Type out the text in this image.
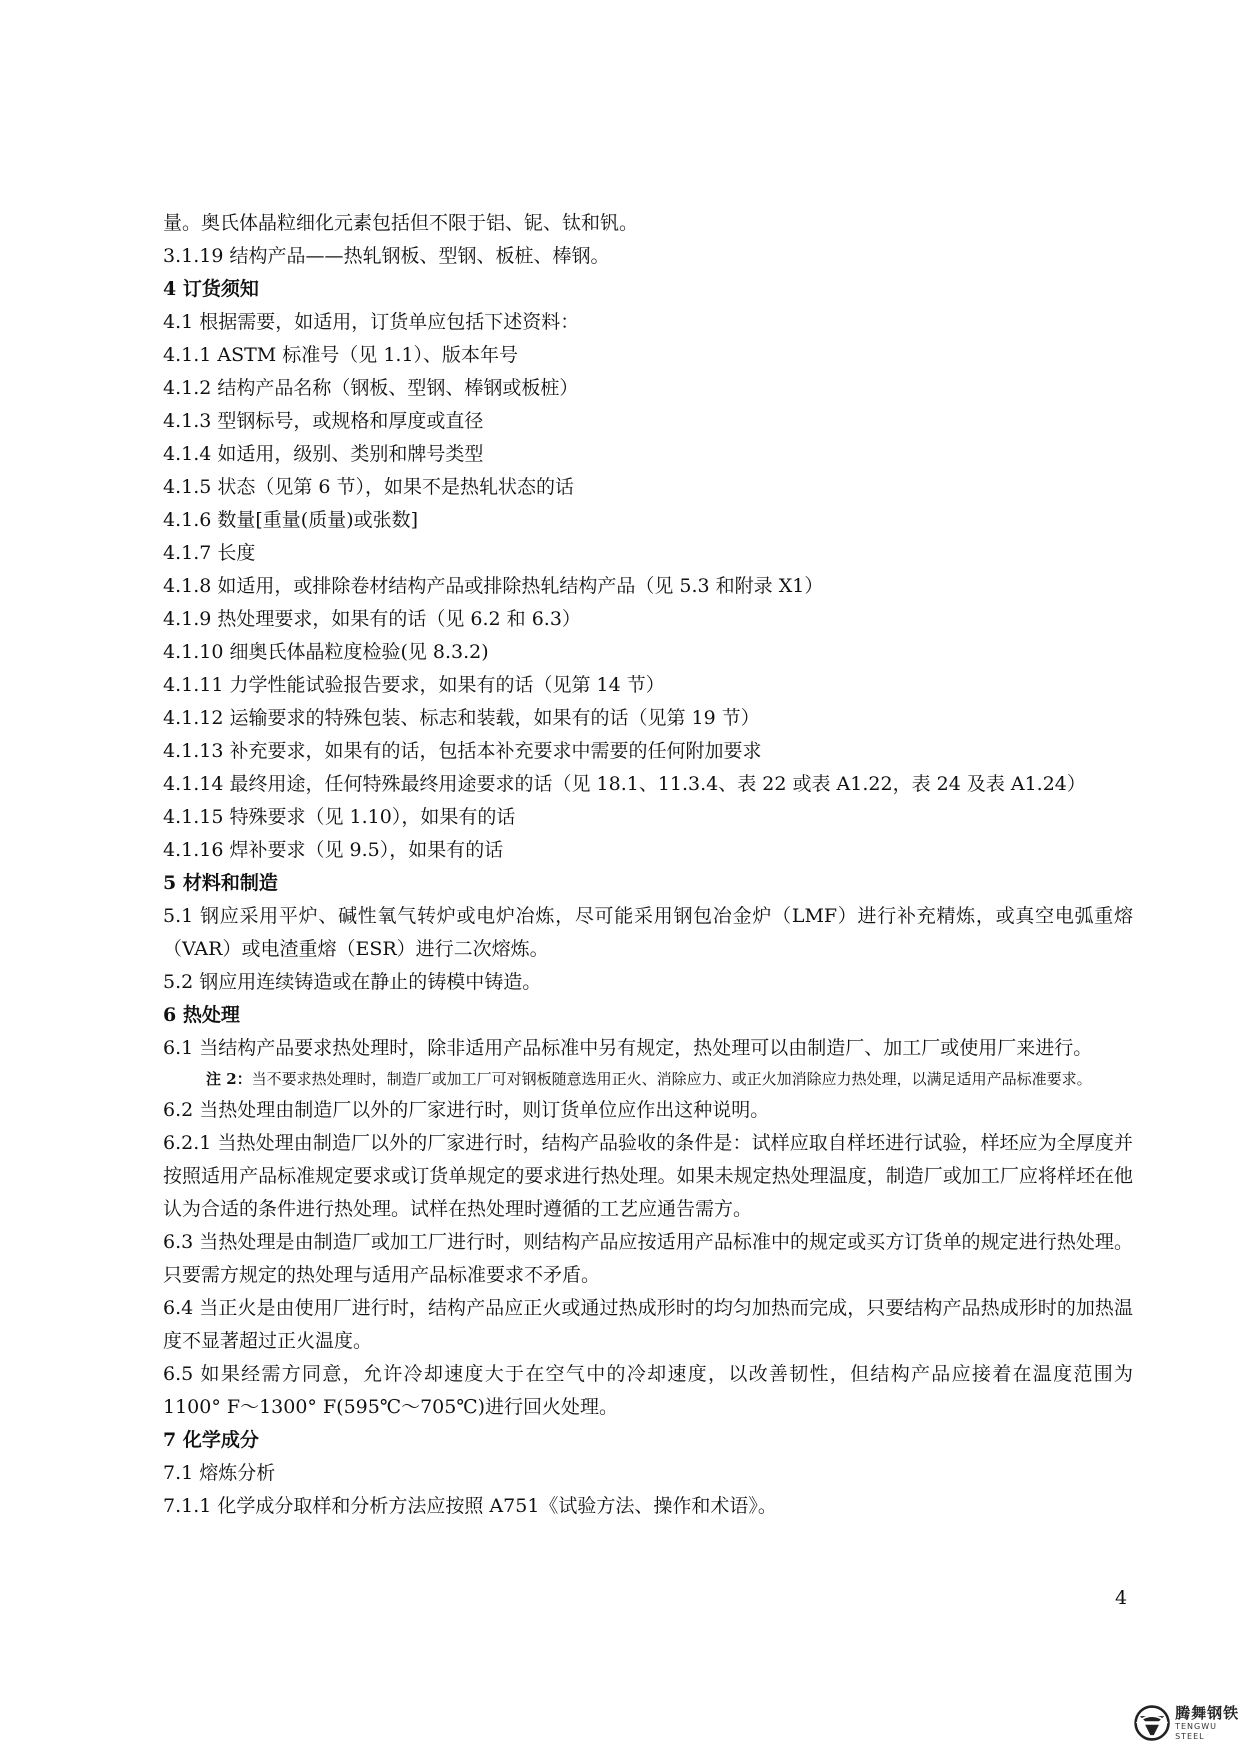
量。奥氏体晶粒细化元素包括但不限于铝、铌、钛和钒。
3.1.19 结构产品——热轧钢板、型钢、板桩、棒钢。
4 订货须知
4.1 根据需要，如适用，订货单应包括下述资料：
4.1.1 ASTM 标准号（见 1.1）、版本年号
4.1.2 结构产品名称（钢板、型钢、棒钢或板桩）
4.1.3 型钢标号，或规格和厚度或直径
4.1.4 如适用，级别、类别和牌号类型
4.1.5 状态（见第 6 节），如果不是热轧状态的话
4.1.6 数量[重量(质量)或张数]
4.1.7 长度
4.1.8 如适用，或排除卷材结构产品或排除热轧结构产品（见 5.3 和附录 X1）
4.1.9 热处理要求，如果有的话（见 6.2 和 6.3）
4.1.10 细奥氏体晶粒度检验(见 8.3.2)
4.1.11 力学性能试验报告要求，如果有的话（见第 14 节）
4.1.12 运输要求的特殊包装、标志和装载，如果有的话（见第 19 节）
4.1.13 补充要求，如果有的话，包括本补充要求中需要的任何附加要求
4.1.14 最终用途，任何特殊最终用途要求的话（见 18.1、11.3.4、表 22 或表 A1.22，表 24 及表 A1.24）
4.1.15 特殊要求（见 1.10），如果有的话
4.1.16 焊补要求（见 9.5），如果有的话
5 材料和制造
5.1 钢应采用平炉、碱性氧气转炉或电炉冶炼，尽可能采用钢包冶金炉（LMF）进行补充精炼，或真空电弧重熔（VAR）或电渣重熔（ESR）进行二次熔炼。
5.2 钢应用连续铸造或在静止的铸模中铸造。
6 热处理
6.1 当结构产品要求热处理时，除非适用产品标准中另有规定，热处理可以由制造厂、加工厂或使用厂来进行。
注 2：当不要求热处理时，制造厂或加工厂可对钢板随意选用正火、消除应力、或正火加消除应力热处理，以满足适用产品标准要求。
6.2 当热处理由制造厂以外的厂家进行时，则订货单位应作出这种说明。
6.2.1 当热处理由制造厂以外的厂家进行时，结构产品验收的条件是：试样应取自样坯进行试验，样坯应为全厚度并按照适用产品标准规定要求或订货单规定的要求进行热处理。如果未规定热处理温度，制造厂或加工厂应将样坯在他认为合适的条件进行热处理。试样在热处理时遵循的工艺应通告需方。
6.3 当热处理是由制造厂或加工厂进行时，则结构产品应按适用产品标准中的规定或买方订货单的规定进行热处理。只要需方规定的热处理与适用产品标准要求不矛盾。
6.4 当正火是由使用厂进行时，结构产品应正火或通过热成形时的均匀加热而完成，只要结构产品热成形时的加热温度不显著超过正火温度。
6.5 如果经需方同意，允许冷却速度大于在空气中的冷却速度，以改善韧性，但结构产品应接着在温度范围为 1100° F～1300° F(595℃～705℃)进行回火处理。
7 化学成分
7.1 熔炼分析
7.1.1 化学成分取样和分析方法应按照 A751《试验方法、操作和术语》。
4
腾舞钢铁
TENGWU STEEL
